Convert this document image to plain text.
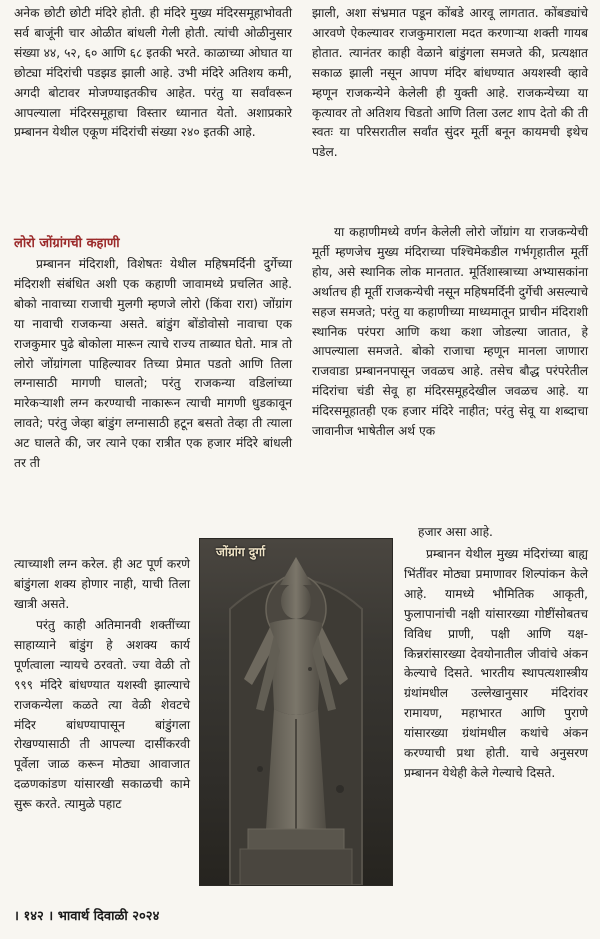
अनेक छोटी छोटी मंदिरे होती. ही मंदिरे मुख्य मंदिरसमूहाभोवती सर्व बाजूंनी चार ओळीत बांधली गेली होती. त्यांची ओळीनुसार संख्या ४४, ५२, ६० आणि ६८ इतकी भरते. काळाच्या ओघात या छोट्या मंदिरांची पडझड झाली आहे. उभी मंदिरे अतिशय कमी, अगदी बोटावर मोजण्याइतकीच आहेत. परंतु या सर्वांवरून आपल्याला मंदिरसमूहाचा विस्तार ध्यानात येतो. अशाप्रकारे प्रम्बानन येथील एकूण मंदिरांची संख्या २४० इतकी आहे.

लोरो जोंग्रांगची कहाणी

प्रम्बानन मंदिराशी, विशेषतः येथील महिषमर्दिनी दुर्गेच्या मंदिराशी संबंधित अशी एक कहाणी जावामध्ये प्रचलित आहे. बोको नावाच्या राजाची मुलगी म्हणजे लोरो (किंवा रारा) जोंग्रांग या नावाची राजकन्या असते. बांडुंग बोंडोवोसो नावाचा एक राजकुमार पुढे बोकोला मारून त्याचे राज्य ताब्यात घेतो. मात्र तो लोरो जोंग्रांगला पाहिल्यावर तिच्या प्रेमात पडतो आणि तिला लग्नासाठी मागणी घालतो; परंतु राजकन्या वडिलांच्या मारेकऱ्याशी लग्न करण्याची नाकारून त्याची मागणी धुडकावून लावते; परंतु जेव्हा बांडुंग लग्नासाठी हटून बसतो तेव्हा ती त्याला अट घालते की, जर त्याने एका रात्रीत एक हजार मंदिरे बांधली तर ती

त्याच्याशी लग्न करेल. ही अट पूर्ण करणे बांडुंगला शक्य होणार नाही, याची तिला खात्री असते.

परंतु काही अतिमानवी शक्तींच्या साहाय्याने बांडुंग हे अशक्य कार्य पूर्णत्वाला न्यायचे ठरवतो. ज्या वेळी तो ९९९ मंदिरे बांधण्यात यशस्वी झाल्याचे राजकन्येला कळते त्या वेळी शेवटचे मंदिर बांधण्यापासून बांडुंगला रोखण्यासाठी ती आपल्या दासींकरवी पूर्वेला जाळ करून मोठ्या आवाजात दळणकांडण यांसारखी सकाळची कामे सुरू करते. त्यामुळे पहाट

झाली, अशा संभ्रमात पडून कोंबडे आरवू लागतात. कोंबड्यांचे आरवणे ऐकल्यावर राजकुमाराला मदत करणाऱ्या शक्ती गायब होतात. त्यानंतर काही वेळाने बांडुंगला समजते की, प्रत्यक्षात सकाळ झाली नसून आपण मंदिर बांधण्यात अयशस्वी व्हावे म्हणून राजकन्येने केलेली ही युक्ती आहे. राजकन्येच्या या कृत्यावर तो अतिशय चिडतो आणि तिला उलट शाप देतो की ती स्वतः या परिसरातील सर्वांत सुंदर मूर्ती बनून कायमची इथेच पडेल.

या कहाणीमध्ये वर्णन केलेली लोरो जोंग्रांग या राजकन्येची मूर्ती म्हणजेच मुख्य मंदिराच्या पश्चिमेकडील गर्भगृहातील मूर्ती होय, असे स्थानिक लोक मानतात. मूर्तिशास्त्राच्या अभ्यासकांना अर्थातच ही मूर्ती राजकन्येची नसून महिषमर्दिनी दुर्गेची असल्याचे सहज समजते; परंतु या कहाणीच्या माध्यमातून प्राचीन मंदिराशी स्थानिक परंपरा आणि कथा कशा जोडल्या जातात, हे आपल्याला समजते. बोको राजाचा म्हणून मानला जाणारा राजवाडा प्रम्बाननपासून जवळच आहे. तसेच बौद्ध परंपरेतील मंदिरांचा चंडी सेवू हा मंदिरसमूहदेखील जवळच आहे. या मंदिरसमूहातही एक हजार मंदिरे नाहीत; परंतु सेवू या शब्दाचा जावानीज भाषेतील अर्थ एक

हजार असा आहे.

प्रम्बानन येथील मुख्य मंदिरांच्या बाह्य भिंतींवर मोठ्या प्रमाणावर शिल्पांकन केले आहे. यामध्ये भौमितिक आकृती, फुलापानांची नक्षी यांसारख्या गोष्टींसोबतच विविध प्राणी, पक्षी आणि यक्ष-किन्नरांसारख्या देवयोनातील जीवांचे अंकन केल्याचे दिसते. भारतीय स्थापत्यशास्त्रीय ग्रंथांमधील उल्लेखानुसार मंदिरांवर रामायण, महाभारत आणि पुराणे यांसारख्या ग्रंथांमधील कथांचे अंकन करण्याची प्रथा होती. याचे अनुसरण प्रम्बानन येथेही केले गेल्याचे दिसते.

जोंग्रांग दुर्गा
। १४२ । भावार्थ दिवाळी २०२४
